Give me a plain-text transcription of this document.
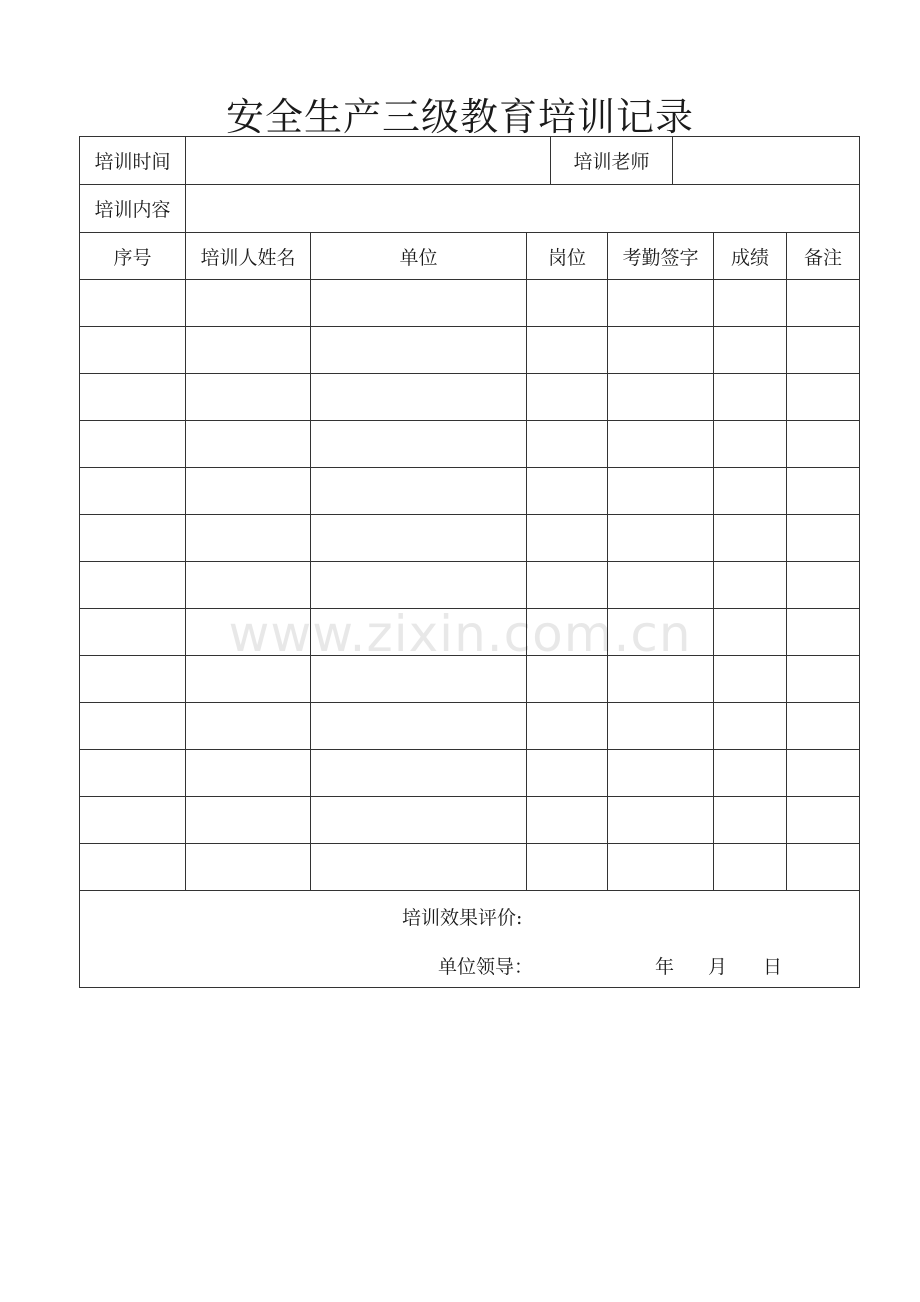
安全生产三级教育培训记录
培训时间				培训老师				
培训内容								
序号	培训人姓名	单位	岗位		考勤签字		成绩	备注

培训效果评价:
单位领导： 年 月 日								
www.zixin.com.cn
